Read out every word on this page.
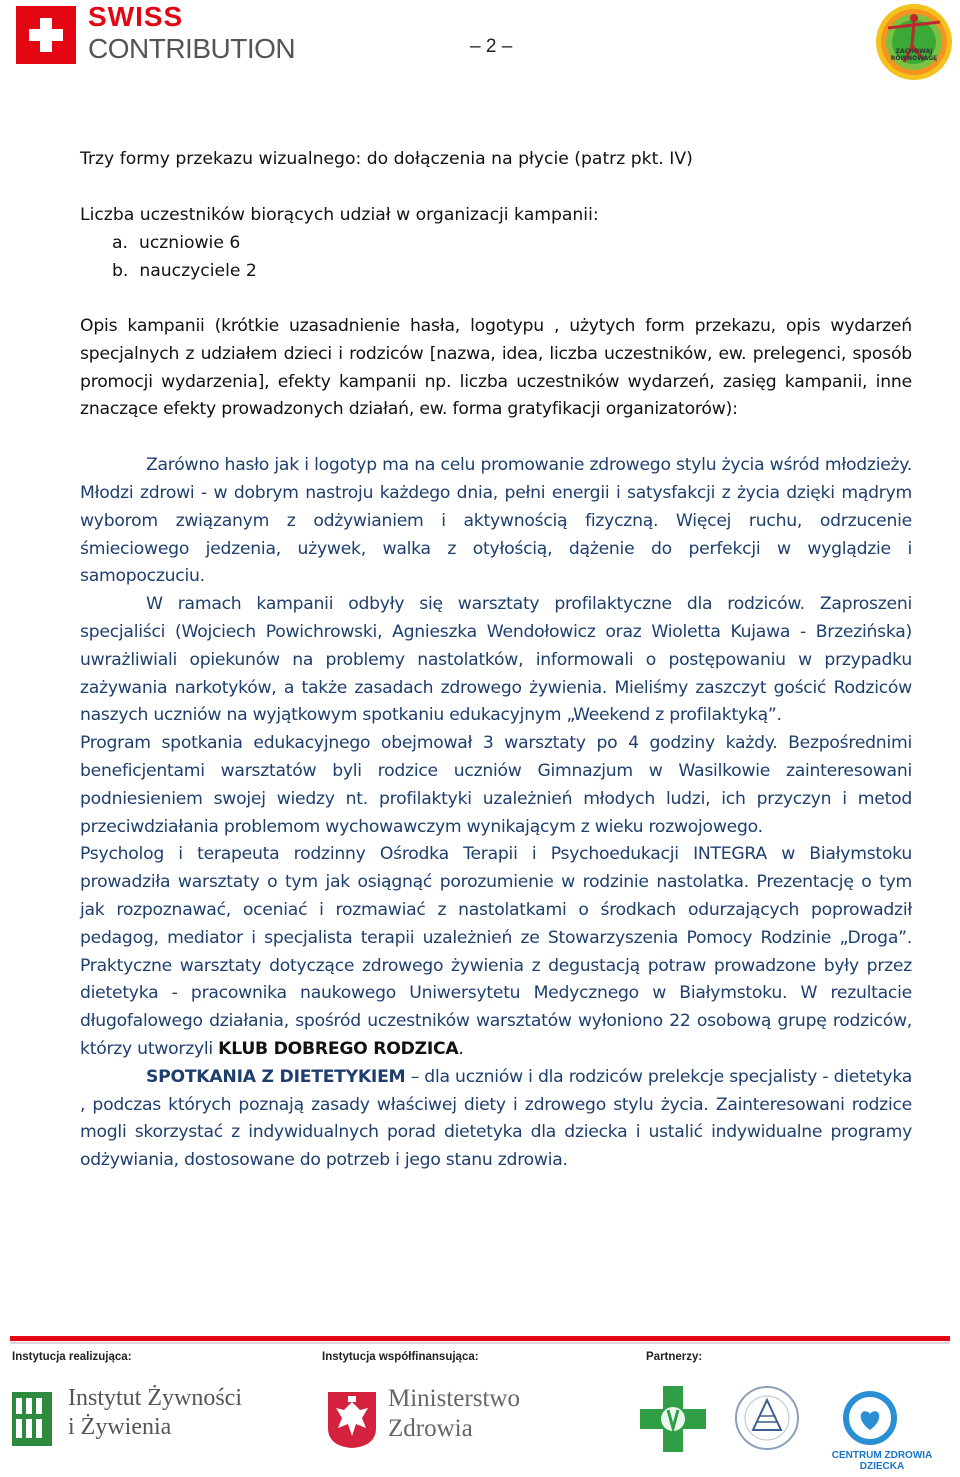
SWISS
CONTRIBUTION	– 2 –	ZACHOWAJ RÓWNOWAGĘ
Trzy formy przekazu wizualnego: do dołączenia na płycie (patrz pkt. IV)
Liczba uczestników biorących udział w organizacji kampanii:
a. uczniowie 6
b. nauczyciele 2

Opis kampanii (krótkie uzasadnienie hasła, logotypu , użytych form przekazu, opis wydarzeń specjalnych z udziałem dzieci i rodziców [nazwa, idea, liczba uczestników, ew. prelegenci, sposób promocji wydarzenia], efekty kampanii np. liczba uczestników wydarzeń, zasięg kampanii, inne znaczące efekty prowadzonych działań, ew. forma gratyfikacji organizatorów):

Zarówno hasło jak i logotyp ma na celu promowanie zdrowego stylu życia wśród młodzieży. Młodzi zdrowi - w dobrym nastroju każdego dnia, pełni energii i satysfakcji z życia dzięki mądrym wyborom związanym z odżywianiem i aktywnością fizyczną. Więcej ruchu, odrzucenie śmieciowego jedzenia, używek, walka z otyłością, dążenie do perfekcji w wyglądzie i samopoczuciu.

W ramach kampanii odbyły się warsztaty profilaktyczne dla rodziców. Zaproszeni specjaliści (Wojciech Powichrowski, Agnieszka Wendołowicz oraz Wioletta Kujawa - Brzezińska) uwrażliwiali opiekunów na problemy nastolatków, informowali o postępowaniu w przypadku zażywania narkotyków, a także zasadach zdrowego żywienia. Mieliśmy zaszczyt gościć Rodziców naszych uczniów na wyjątkowym spotkaniu edukacyjnym „Weekend z profilaktyką”.

Program spotkania edukacyjnego obejmował 3 warsztaty po 4 godziny każdy. Bezpośrednimi beneficjentami warsztatów byli rodzice uczniów Gimnazjum w Wasilkowie zainteresowani podniesieniem swojej wiedzy nt. profilaktyki uzależnień młodych ludzi, ich przyczyn i metod przeciwdziałania problemom wychowawczym wynikającym z wieku rozwojowego.

Psycholog i terapeuta rodzinny Ośrodka Terapii i Psychoedukacji INTEGRA w Białymstoku prowadziła warsztaty o tym jak osiągnąć porozumienie w rodzinie nastolatka. Prezentację o tym jak rozpoznawać, oceniać i rozmawiać z nastolatkami o środkach odurzających poprowadził pedagog, mediator i specjalista terapii uzależnień ze Stowarzyszenia Pomocy Rodzinie „Droga”. Praktyczne warsztaty dotyczące zdrowego żywienia z degustacją potraw prowadzone były przez dietetyka - pracownika naukowego Uniwersytetu Medycznego w Białymstoku. W rezultacie długofalowego działania, spośród uczestników warsztatów wyłoniono 22 osobową grupę rodziców, którzy utworzyli KLUB DOBREGO RODZICA.

SPOTKANIA Z DIETETYKIEM – dla uczniów i dla rodziców prelekcje specjalisty - dietetyka , podczas których poznają zasady właściwej diety i zdrowego stylu życia. Zainteresowani rodzice mogli skorzystać z indywidualnych porad dietetyka dla dziecka i ustalić indywidualne programy odżywiania, dostosowane do potrzeb i jego stanu zdrowia.

Instytucja realizująca:	Instytucja współfinansująca:	Partnerzy:
Instytut Żywności
i Żywienia
Ministerstwo
Zdrowia
CENTRUM ZDROWIA DZIECKA
